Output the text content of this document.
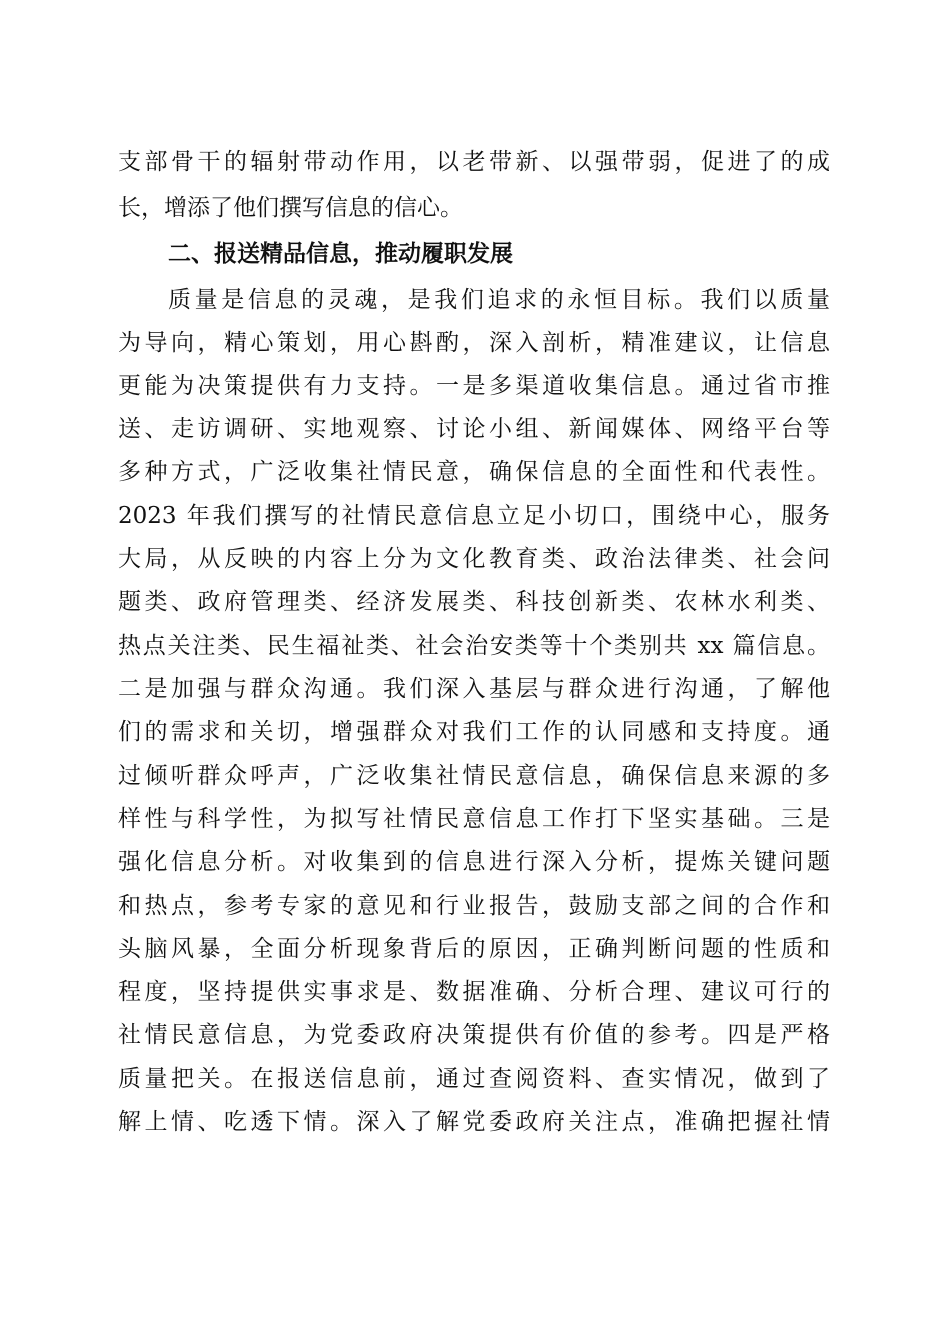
支部骨干的辐射带动作用，以老带新、以强带弱，促进了的成
长，增添了他们撰写信息的信心。
二、报送精品信息，推动履职发展
质量是信息的灵魂，是我们追求的永恒目标。我们以质量
为导向，精心策划，用心斟酌，深入剖析，精准建议，让信息
更能为决策提供有力支持。一是多渠道收集信息。通过省市推
送、走访调研、实地观察、讨论小组、新闻媒体、网络平台等
多种方式，广泛收集社情民意，确保信息的全面性和代表性。
2023 年我们撰写的社情民意信息立足小切口，围绕中心，服务
大局，从反映的内容上分为文化教育类、政治法律类、社会问
题类、政府管理类、经济发展类、科技创新类、农林水利类、
热点关注类、民生福祉类、社会治安类等十个类别共 xx 篇信息。
二是加强与群众沟通。我们深入基层与群众进行沟通，了解他
们的需求和关切，增强群众对我们工作的认同感和支持度。通
过倾听群众呼声，广泛收集社情民意信息，确保信息来源的多
样性与科学性，为拟写社情民意信息工作打下坚实基础。三是
强化信息分析。对收集到的信息进行深入分析，提炼关键问题
和热点，参考专家的意见和行业报告，鼓励支部之间的合作和
头脑风暴，全面分析现象背后的原因，正确判断问题的性质和
程度，坚持提供实事求是、数据准确、分析合理、建议可行的
社情民意信息，为党委政府决策提供有价值的参考。四是严格
质量把关。在报送信息前，通过查阅资料、查实情况，做到了
解上情、吃透下情。深入了解党委政府关注点，准确把握社情
